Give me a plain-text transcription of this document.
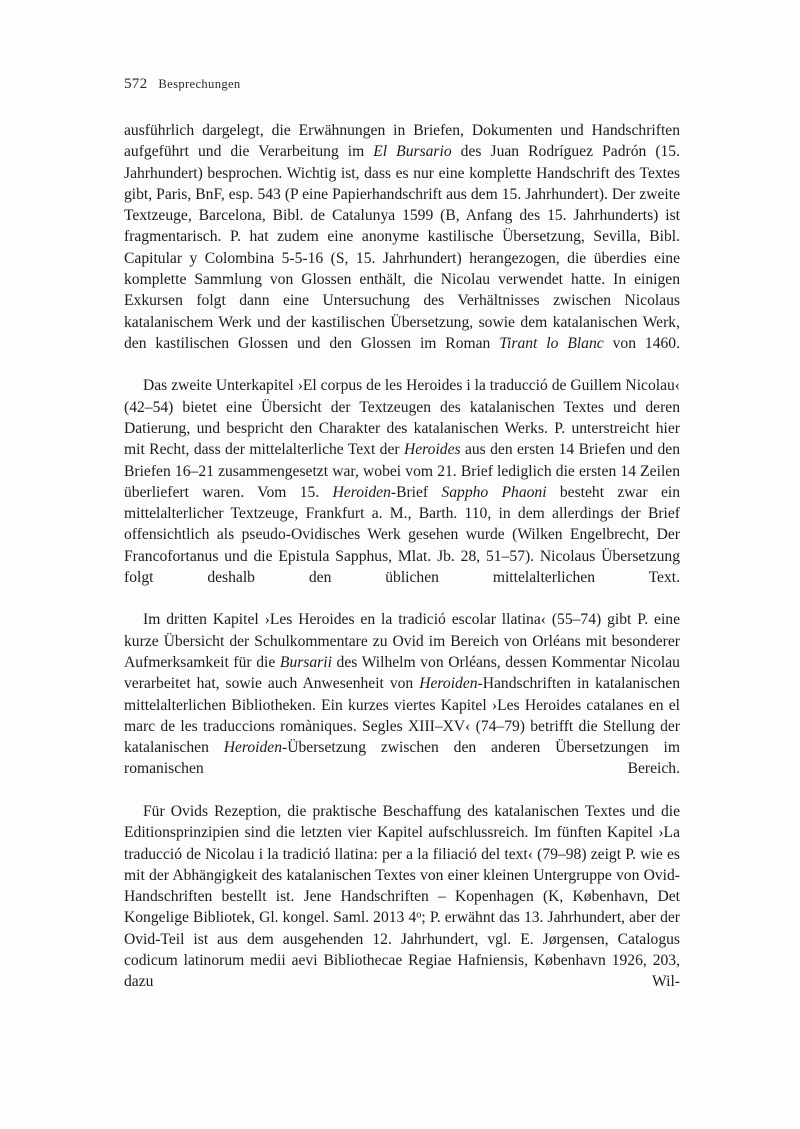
572 Besprechungen

ausführlich dargelegt, die Erwähnungen in Briefen, Dokumenten und Handschriften aufgeführt und die Verarbeitung im El Bursario des Juan Rodríguez Padrón (15. Jahrhundert) besprochen. Wichtig ist, dass es nur eine komplette Handschrift des Textes gibt, Paris, BnF, esp. 543 (P eine Papierhandschrift aus dem 15. Jahrhundert). Der zweite Textzeuge, Barcelona, Bibl. de Catalunya 1599 (B, Anfang des 15. Jahrhunderts) ist fragmentarisch. P. hat zudem eine anonyme kastilische Übersetzung, Sevilla, Bibl. Capitular y Colombina 5-5-16 (S, 15. Jahrhundert) herangezogen, die überdies eine komplette Sammlung von Glossen enthält, die Nicolau verwendet hatte. In einigen Exkursen folgt dann eine Untersuchung des Verhältnisses zwischen Nicolaus katalanischem Werk und der kastilischen Übersetzung, sowie dem katalanischen Werk, den kastilischen Glossen und den Glossen im Roman Tirant lo Blanc von 1460.

Das zweite Unterkapitel ›El corpus de les Heroides i la traducció de Guillem Nicolau‹ (42–54) bietet eine Übersicht der Textzeugen des katalanischen Textes und deren Datierung, und bespricht den Charakter des katalanischen Werks. P. unterstreicht hier mit Recht, dass der mittelalterliche Text der Heroides aus den ersten 14 Briefen und den Briefen 16–21 zusammengesetzt war, wobei vom 21. Brief lediglich die ersten 14 Zeilen überliefert waren. Vom 15. Heroiden-Brief Sappho Phaoni besteht zwar ein mittelalterlicher Textzeuge, Frankfurt a. M., Barth. 110, in dem allerdings der Brief offensichtlich als pseudo-Ovidisches Werk gesehen wurde (Wilken Engelbrecht, Der Francofortanus und die Epistula Sapphus, Mlat. Jb. 28, 51–57). Nicolaus Übersetzung folgt deshalb den üblichen mittelalterlichen Text.

Im dritten Kapitel ›Les Heroides en la tradició escolar llatina‹ (55–74) gibt P. eine kurze Übersicht der Schulkommentare zu Ovid im Bereich von Orléans mit besonderer Aufmerksamkeit für die Bursarii des Wilhelm von Orléans, dessen Kommentar Nicolau verarbeitet hat, sowie auch Anwesenheit von Heroiden-Handschriften in katalanischen mittelalterlichen Bibliotheken. Ein kurzes viertes Kapitel ›Les Heroides catalanes en el marc de les traduccions romàniques. Segles XIII–XV‹ (74–79) betrifft die Stellung der katalanischen Heroiden-Übersetzung zwischen den anderen Übersetzungen im romanischen Bereich.

Für Ovids Rezeption, die praktische Beschaffung des katalanischen Textes und die Editionsprinzipien sind die letzten vier Kapitel aufschlussreich. Im fünften Kapitel ›La traducció de Nicolau i la tradició llatina: per a la filiació del text‹ (79–98) zeigt P. wie es mit der Abhängigkeit des katalanischen Textes von einer kleinen Untergruppe von Ovid-Handschriften bestellt ist. Jene Handschriften – Kopenhagen (K, København, Det Kongelige Bibliotek, Gl. kongel. Saml. 2013 4$^o$; P. erwähnt das 13. Jahrhundert, aber der Ovid-Teil ist aus dem ausgehenden 12. Jahrhundert, vgl. E. Jørgensen, Catalogus codicum latinorum medii aevi Bibliothecae Regiae Hafniensis, København 1926, 203, dazu Wil-
